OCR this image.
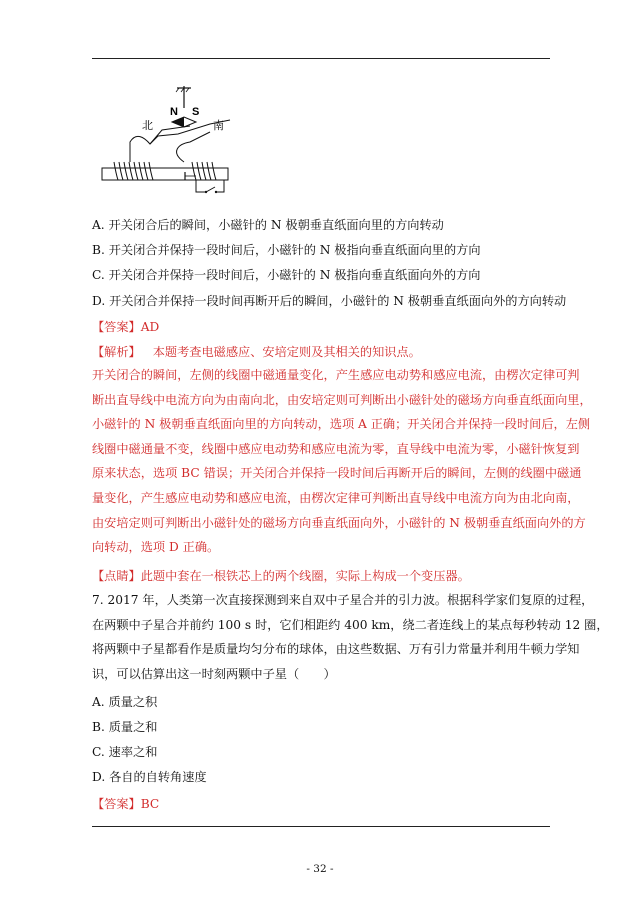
N S
北	南
A. 开关闭合后的瞬间，小磁针的 N 极朝垂直纸面向里的方向转动
B. 开关闭合并保持一段时间后，小磁针的 N 极指向垂直纸面向里的方向
C. 开关闭合并保持一段时间后，小磁针的 N 极指向垂直纸面向外的方向
D. 开关闭合并保持一段时间再断开后的瞬间，小磁针的 N 极朝垂直纸面向外的方向转动
【答案】AD
【解析】 本题考查电磁感应、安培定则及其相关的知识点。
开关闭合的瞬间，左侧的线圈中磁通量变化，产生感应电动势和感应电流，由楞次定律可判
断出直导线中电流方向为由南向北，由安培定则可判断出小磁针处的磁场方向垂直纸面向里，
小磁针的 N 极朝垂直纸面向里的方向转动，选项 A 正确；开关闭合并保持一段时间后，左侧
线圈中磁通量不变，线圈中感应电动势和感应电流为零，直导线中电流为零，小磁针恢复到
原来状态，选项 BC 错误；开关闭合并保持一段时间后再断开后的瞬间，左侧的线圈中磁通
量变化，产生感应电动势和感应电流，由楞次定律可判断出直导线中电流方向为由北向南，
由安培定则可判断出小磁针处的磁场方向垂直纸面向外，小磁针的 N 极朝垂直纸面向外的方
向转动，选项 D 正确。
【点睛】此题中套在一根铁芯上的两个线圈，实际上构成一个变压器。
7. 2017 年，人类第一次直接探测到来自双中子星合并的引力波。根据科学家们复原的过程，
在两颗中子星合并前约 100 s 时，它们相距约 400 km，绕二者连线上的某点每秒转动 12 圈，
将两颗中子星都看作是质量均匀分布的球体，由这些数据、万有引力常量并利用牛顿力学知
识，可以估算出这一时刻两颗中子星（　　）
A. 质量之积
B. 质量之和
C. 速率之和
D. 各自的自转角速度
【答案】BC
- 32 -
